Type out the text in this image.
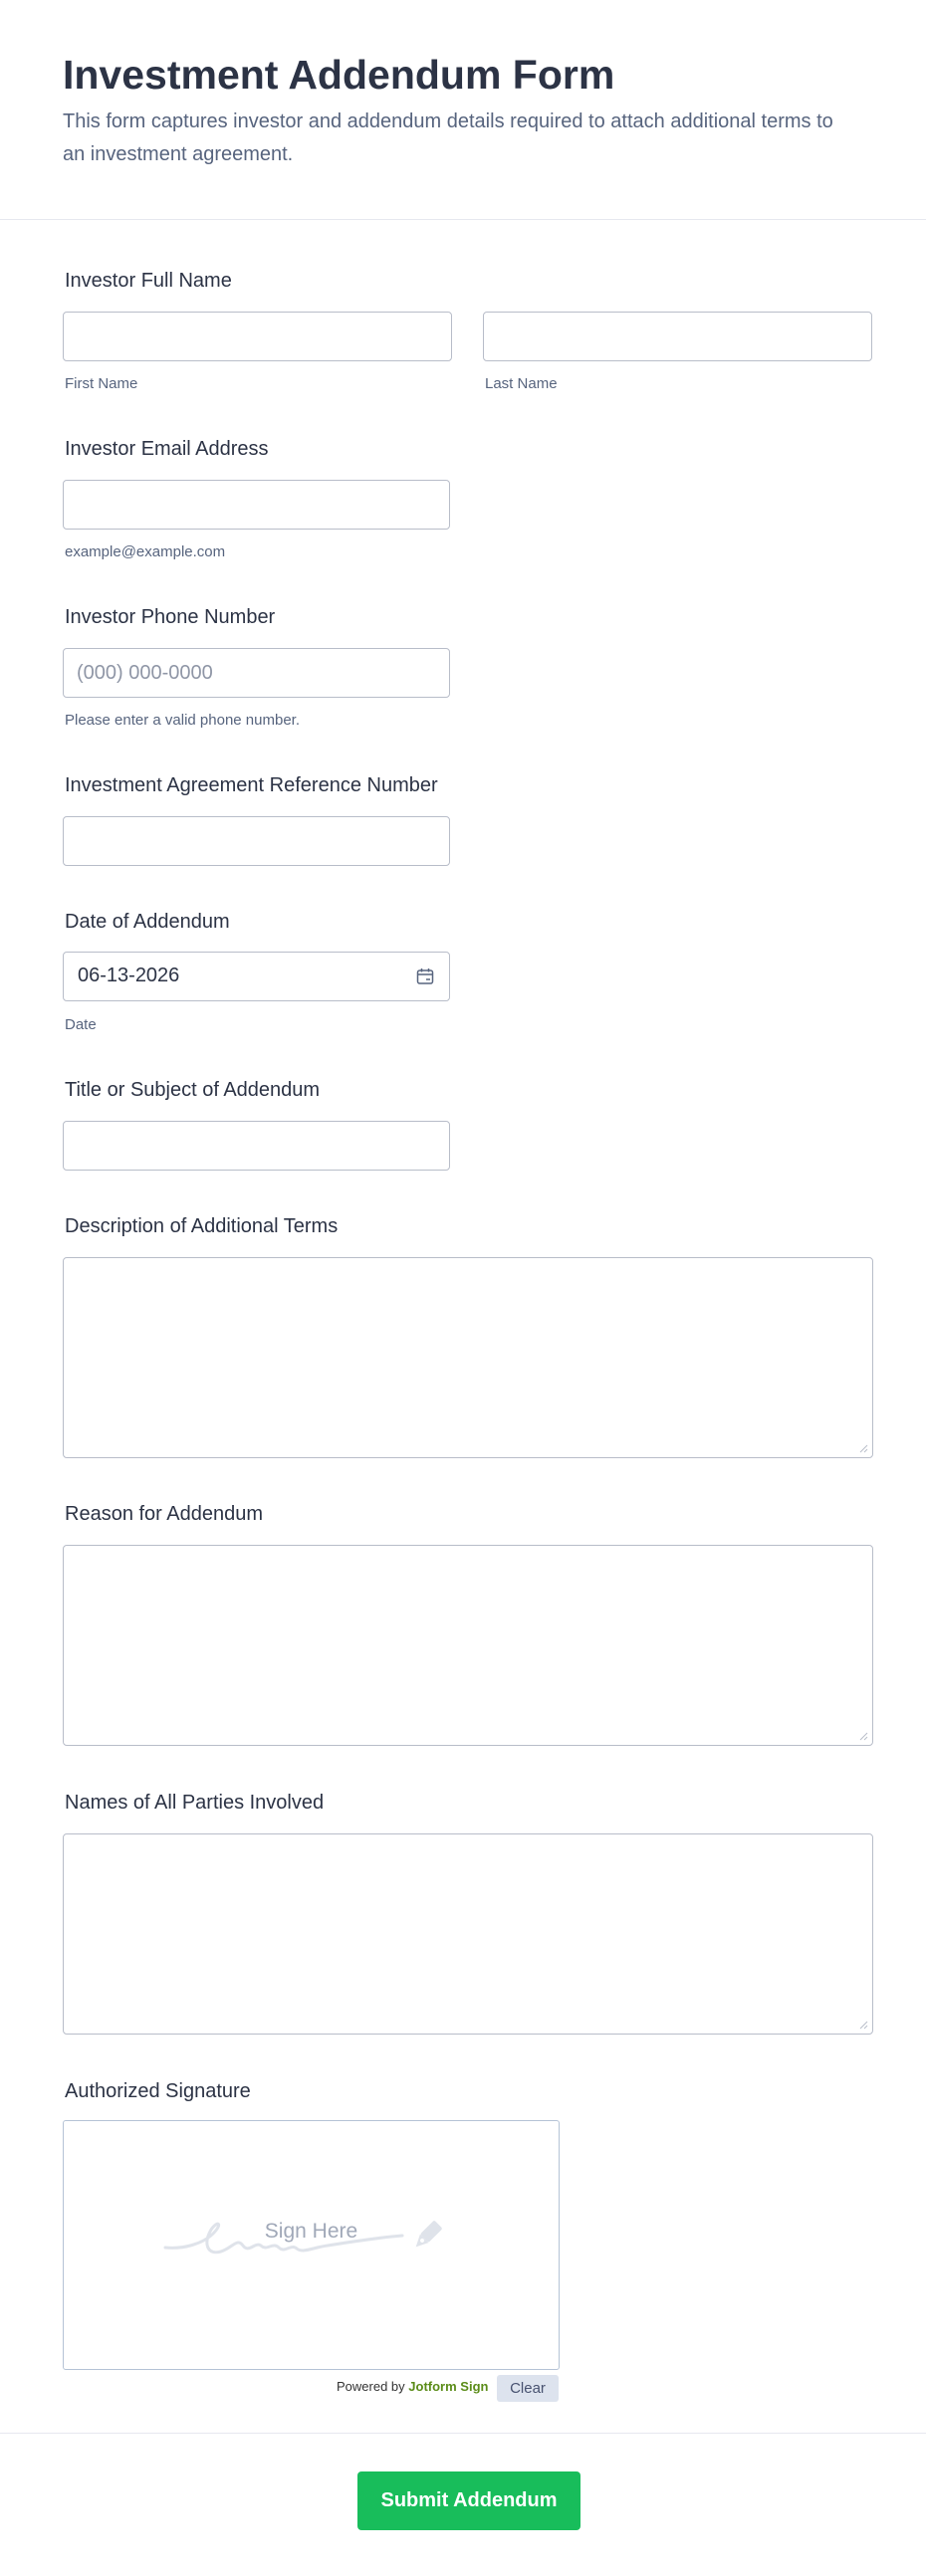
Investment Addendum Form
This form captures investor and addendum details required to attach additional terms to an investment agreement.
Investor Full Name
First Name	Last Name
Investor Email Address
example@example.com
Investor Phone Number
(000) 000-0000
Please enter a valid phone number.
Investment Agreement Reference Number
Date of Addendum
06-13-2026
Date
Title or Subject of Addendum
Description of Additional Terms
Reason for Addendum
Names of All Parties Involved
Authorized Signature
Sign Here
Powered by Jotform Sign	Clear
Submit Addendum
